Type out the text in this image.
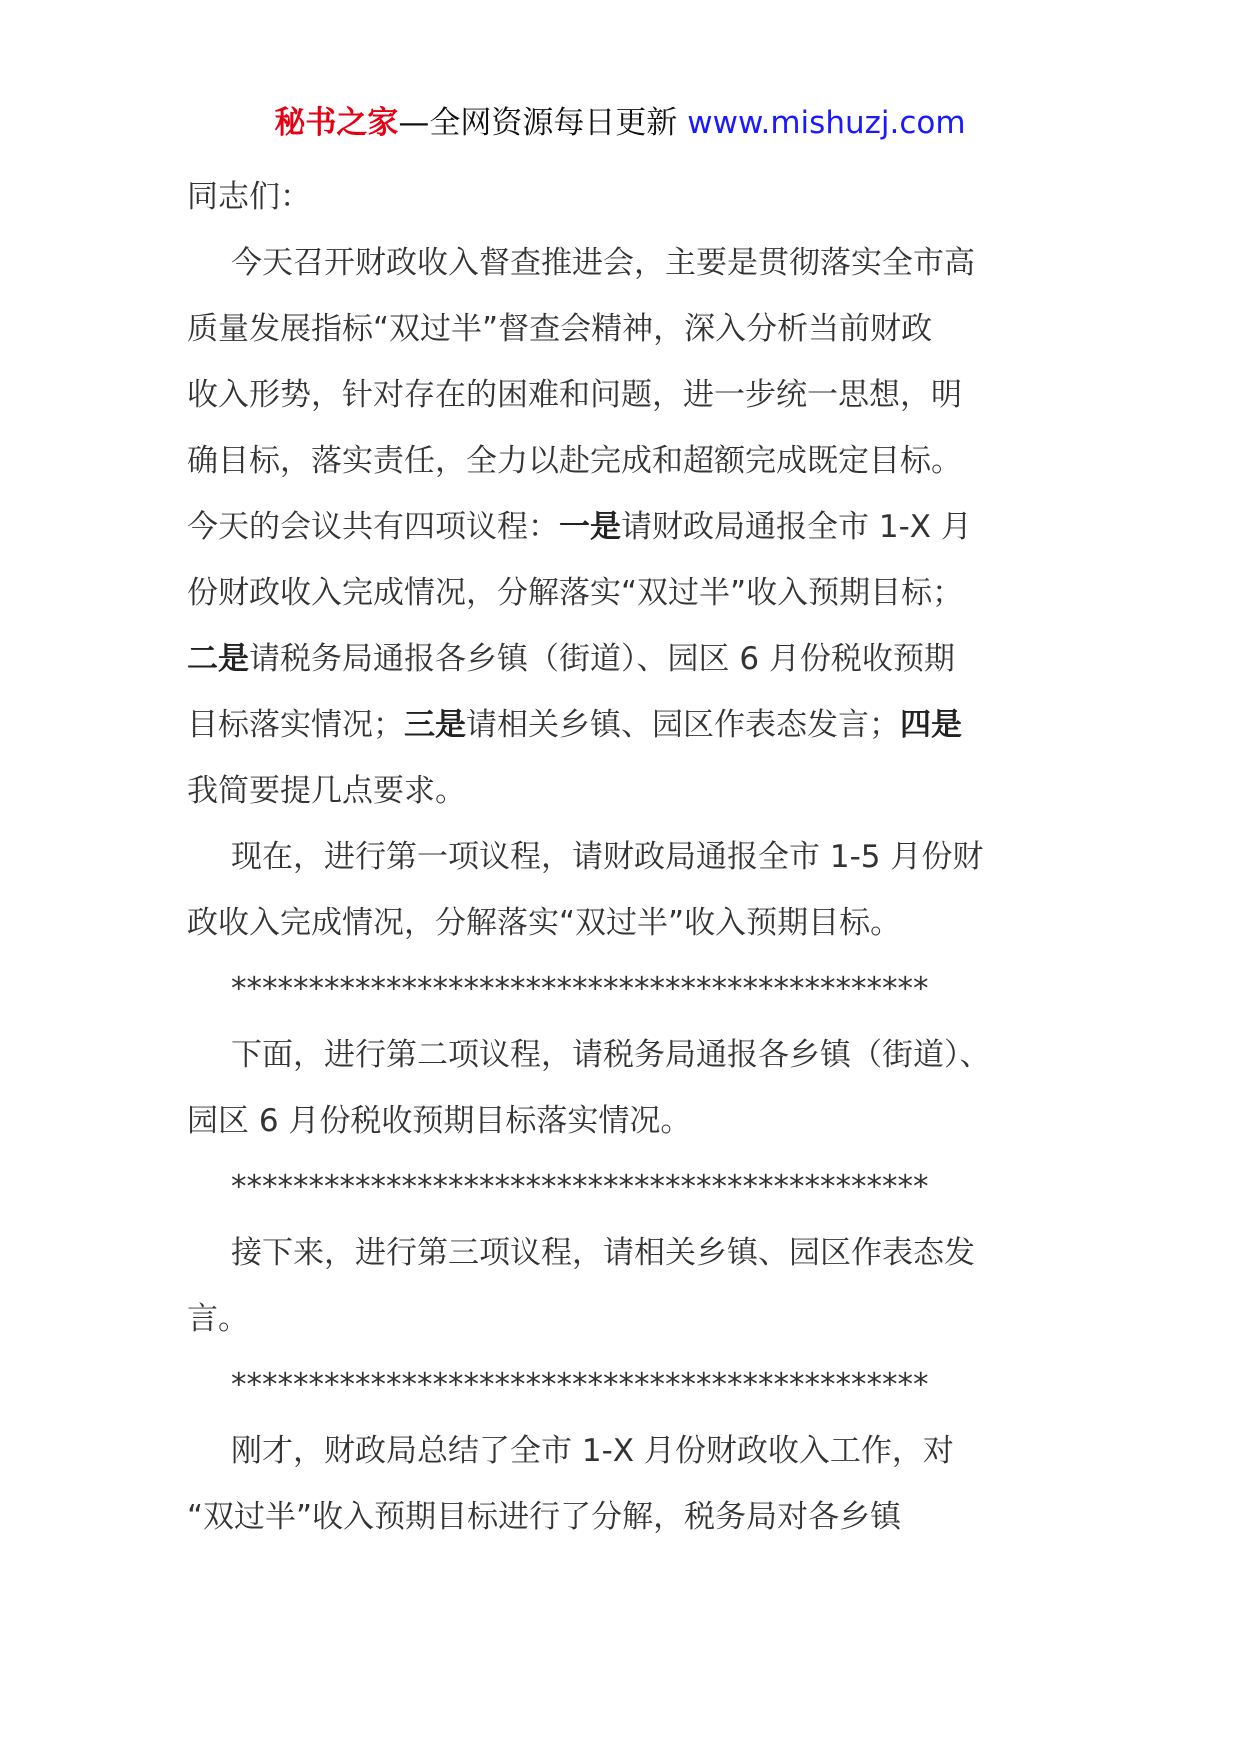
秘书之家—全网资源每日更新 www.mishuzj.com

同志们：

今天召开财政收入督查推进会，主要是贯彻落实全市高

质量发展指标“双过半”督查会精神，深入分析当前财政

收入形势，针对存在的困难和问题，进一步统一思想，明

确目标，落实责任，全力以赴完成和超额完成既定目标。

今天的会议共有四项议程：一是请财政局通报全市 1-X 月

份财政收入完成情况，分解落实“双过半”收入预期目标；

二是请税务局通报各乡镇（街道）、园区 6 月份税收预期

目标落实情况；三是请相关乡镇、园区作表态发言；四是

我简要提几点要求。

现在，进行第一项议程，请财政局通报全市 1-5 月份财

政收入完成情况，分解落实“双过半”收入预期目标。

*********************************************

下面，进行第二项议程，请税务局通报各乡镇（街道）、

园区 6 月份税收预期目标落实情况。

*********************************************

接下来，进行第三项议程，请相关乡镇、园区作表态发

言。

*********************************************

刚才，财政局总结了全市 1-X 月份财政收入工作，对

“双过半”收入预期目标进行了分解，税务局对各乡镇
